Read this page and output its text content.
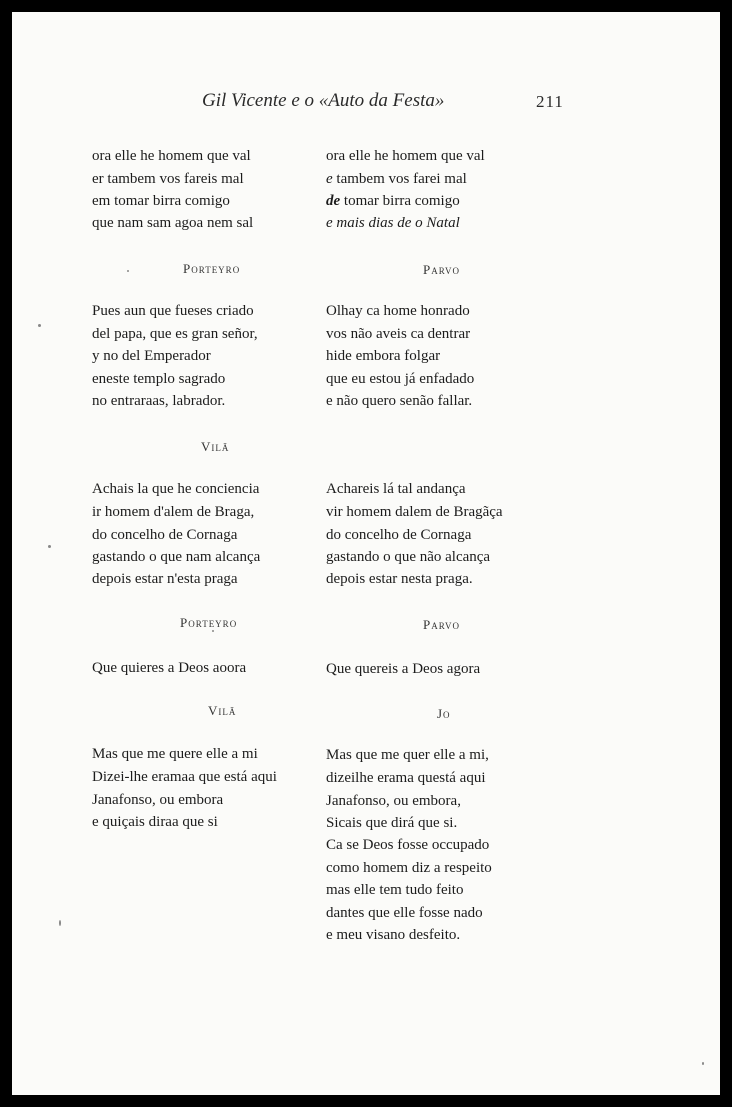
Gil Vicente e o «Auto da Festa»	211
ora elle he homem que val
er tambem vos fareis mal
em tomar birra comigo
que nam sam agoa nem sal
Porteyro
Pues aun que fueses criado
del papa, que es gran señor,
y no del Emperador
eneste templo sagrado
no entraraas, labrador.
Vilã
Achais la que he conciencia
ir homem d'alem de Braga,
do concelho de Cornaga
gastando o que nam alcança
depois estar n'esta praga
Porteyro
Que quieres a Deos aoora
Vilã
Mas que me quere elle a mi
Dizei-lhe eramaa que está aqui
Janafonso, ou embora
e quiçais diraa que si
ora elle he homem que val
e tambem vos farei mal
de tomar birra comigo
e mais dias de o Natal
Parvo
Olhay ca home honrado
vos não aveis ca dentrar
hide embora folgar
que eu estou já enfadado
e não quero senão fallar.
Achareis lá tal andança
vir homem dalem de Bragãça
do concelho de Cornaga
gastando o que não alcança
depois estar nesta praga.
Parvo
Que quereis a Deos agora
Jo
Mas que me quer elle a mi,
dizeilhe erama questá aqui
Janafonso, ou embora,
Sicais que dirá que si.
Ca se Deos fosse occupado
como homem diz a respeito
mas elle tem tudo feito
dantes que elle fosse nado
e meu visano desfeito.
